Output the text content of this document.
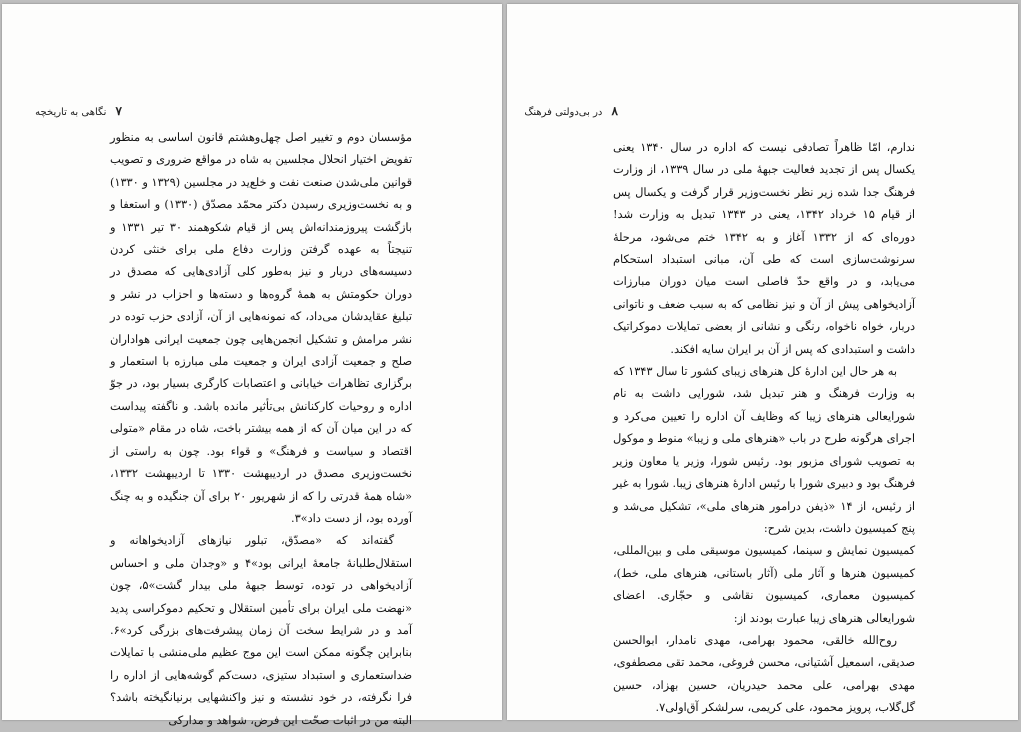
۷ نگاهی به تاریخچه

مؤسسان دوم و تغییر اصل چهل‌وهشتم قانون اساسی به منظور تفویض اختیار انحلال مجلسین به شاه در مواقع ضروری و تصویب قوانین ملی‌شدن صنعت نفت و خلع‌ید در مجلسین (۱۳۲۹ و ۱۳۳۰) و به نخست‌وزیری رسیدن دکتر محمّد مصدّق (۱۳۳۰) و استعفا و بازگشت پیروزمندانه‌اش پس از قیام شکوهمند ۳۰ تیر ۱۳۳۱ و تنیجتاً به عهده گرفتن وزارت دفاع ملی برای خنثی کردن دسیسه‌های دربار و نیز به‌طور کلی آزادی‌هایی که مصدق در دوران حکومتش به همهٔ گروه‌ها و دسته‌ها و احزاب در نشر و تبلیغ عقایدشان می‌داد، که نمونه‌هایی از آن، آزادی حزب توده در نشر مرامش و تشکیل انجمن‌هایی چون جمعیت ایرانی هواداران صلح و جمعیت آزادی ایران و جمعیت ملی مبارزه با استعمار و برگزاری تظاهرات خیابانی و اعتصابات کارگری بسیار بود، در جوّ اداره و روحیات کارکنانش بی‌تأثیر مانده باشد. و ناگفته پیداست که در این میان آن که از همه بیشتر باخت، شاه در مقام «متولی اقتصاد و سیاست و فرهنگ» و قواء بود. چون به راستی از نخست‌وزیری مصدق در اردیبهشت ۱۳۳۰ تا اردیبهشت ۱۳۳۲، «شاه همهٔ قدرتی را که از شهریور ۲۰ برای آن جنگیده و به چنگ آورده بود، از دست داد»۳.

گفته‌اند که «مصدّق، تبلور نیازهای آزادیخواهانه و استقلال‌طلبانهٔ جامعهٔ ایرانی بود»۴ و «وجدان ملی و احساس آزادیخواهی در توده، توسط جبههٔ ملی بیدار گشت»۵، چون «نهضت ملی ایران برای تأمین استقلال و تحکیم دموکراسی پدید آمد و در شرایط سخت آن زمان پیشرفت‌های بزرگی کرد»۶. بنابراین چگونه ممکن است این موج عظیم ملی‌منشی با تمایلات ضداستعماری و استبداد ستیزی، دست‌کم گوشه‌هایی از اداره را فرا نگرفته، در خود نشسته و نیز واکنشهایی برنیانگیخته باشد؟ البته من در اثبات صحّت این فرض، شواهد و مدارکی

۸ در بی‌دولتی فرهنگ

ندارم، امّا ظاهراً تصادفی نیست که اداره در سال ۱۳۴۰ یعنی یکسال پس از تجدید فعالیت جبههٔ ملی در سال ۱۳۳۹، از وزارت فرهنگ جدا شده زیر نظر نخست‌وزیر قرار گرفت و یکسال پس از قیام ۱۵ خرداد ۱۳۴۲، یعنی در ۱۳۴۳ تبدیل به وزارت شد! دوره‌ای که از ۱۳۳۲ آغاز و به ۱۳۴۲ ختم می‌شود، مرحلهٔ سرنوشت‌سازی است که طی آن، مبانی استبداد استحکام می‌یابد، و در واقع حدّ فاصلی است میان دوران مبارزات آزادیخواهی پیش از آن و نیز نظامی که به سبب ضعف و ناتوانی دربار، خواه ناخواه، رنگی و نشانی از بعضی تمایلات دموکراتیک داشت و استبدادی که پس از آن بر ایران سایه افکند.

به هر حال این ادارهٔ کل هنرهای زیبای کشور تا سال ۱۳۴۳ که به وزارت فرهنگ و هنر تبدیل شد، شورایی داشت به نام شورایعالی هنرهای زیبا که وظایف آن اداره را تعیین می‌کرد و اجرای هرگونه طرح در باب «هنرهای ملی و زیبا» منوط و موکول به تصویب شورای مزبور بود. رئیس شورا، وزیر یا معاون وزیر فرهنگ بود و دبیری شورا با رئیس ادارهٔ هنرهای زیبا. شورا به غیر از رئیس، از ۱۴ «ذیفن درامور هنرهای ملی»، تشکیل می‌شد و پنج کمیسیون داشت، بدین شرح:

کمیسیون نمایش و سینما، کمیسیون موسیقی ملی و بین‌المللی، کمیسیون هنرها و آثار ملی (آثار باستانی، هنرهای ملی، خط)، کمیسیون معماری، کمیسیون نقاشی و حجّاری. اعضای شورایعالی هنرهای زیبا عبارت بودند از:

روح‌الله خالقی، محمود بهرامی، مهدی نامدار، ابوالحسن صدیقی، اسمعیل آشتیانی، محسن فروغی، محمد تقی مصطفوی، مهدی بهرامی، علی محمد حیدریان، حسین بهزاد، حسین گل‌گلاب، پرویز محمود، علی کریمی، سرلشکر آق‌اولی۷.
